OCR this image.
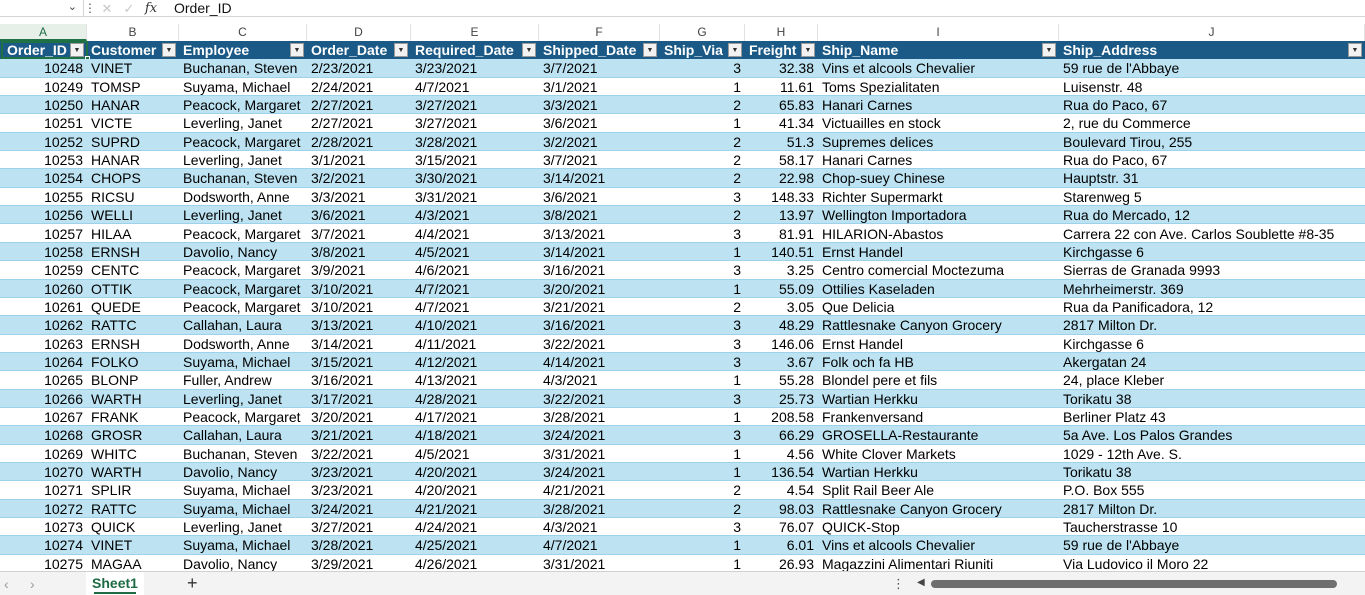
⌄ ⋮ ✕ ✓ fx	Order_ID
A	B	C	D	E	F	G	H	I	J
Order_ID ▼ Customer	▼ Employee	▼ Order_Date	▼ Required_Date	▼ Shipped_Date	▼ Ship_Via	▼ Freight	▼ Ship_Name	▼ Ship_Address	▼
10248 VINET	Buchanan, Steven 2/23/2021	3/23/2021	3/7/2021	3	32.38 Vins et alcools Chevalier	59 rue de l'Abbaye
10249 TOMSP	Suyama, Michael	2/24/2021	4/7/2021	3/1/2021	1	11.61 Toms Spezialitaten	Luisenstr. 48
10250 HANAR	Peacock, Margaret 2/27/2021	3/27/2021	3/3/2021	2	65.83 Hanari Carnes	Rua do Paco, 67
10251 VICTE	Leverling, Janet	2/27/2021	3/27/2021	3/6/2021	1	41.34 Victuailles en stock	2, rue du Commerce
10252 SUPRD	Peacock, Margaret 2/28/2021	3/28/2021	3/2/2021	2	51.3 Supremes delices	Boulevard Tirou, 255
10253 HANAR	Leverling, Janet	3/1/2021	3/15/2021	3/7/2021	2	58.17 Hanari Carnes	Rua do Paco, 67
10254 CHOPS	Buchanan, Steven 3/2/2021	3/30/2021	3/14/2021	2	22.98 Chop-suey Chinese	Hauptstr. 31
10255 RICSU	Dodsworth, Anne	3/3/2021	3/31/2021	3/6/2021	3	148.33 Richter Supermarkt	Starenweg 5
10256 WELLI	Leverling, Janet	3/6/2021	4/3/2021	3/8/2021	2	13.97 Wellington Importadora	Rua do Mercado, 12
10257 HILAA	Peacock, Margaret 3/7/2021	4/4/2021	3/13/2021	3	81.91 HILARION-Abastos	Carrera 22 con Ave. Carlos Soublette #8-35
10258 ERNSH	Davolio, Nancy	3/8/2021	4/5/2021	3/14/2021	1	140.51 Ernst Handel	Kirchgasse 6
10259 CENTC	Peacock, Margaret 3/9/2021	4/6/2021	3/16/2021	3	3.25 Centro comercial Moctezuma	Sierras de Granada 9993
10260 OTTIK	Peacock, Margaret 3/10/2021	4/7/2021	3/20/2021	1	55.09 Ottilies Kaseladen	Mehrheimerstr. 369
10261 QUEDE	Peacock, Margaret 3/10/2021	4/7/2021	3/21/2021	2	3.05 Que Delicia	Rua da Panificadora, 12
10262 RATTC	Callahan, Laura	3/13/2021	4/10/2021	3/16/2021	3	48.29 Rattlesnake Canyon Grocery	2817 Milton Dr.
10263 ERNSH	Dodsworth, Anne	3/14/2021	4/11/2021	3/22/2021	3	146.06 Ernst Handel	Kirchgasse 6
10264 FOLKO	Suyama, Michael	3/15/2021	4/12/2021	4/14/2021	3	3.67 Folk och fa HB	Akergatan 24
10265 BLONP	Fuller, Andrew	3/16/2021	4/13/2021	4/3/2021	1	55.28 Blondel pere et fils	24, place Kleber
10266 WARTH	Leverling, Janet	3/17/2021	4/28/2021	3/22/2021	3	25.73 Wartian Herkku	Torikatu 38
10267 FRANK	Peacock, Margaret 3/20/2021	4/17/2021	3/28/2021	1	208.58 Frankenversand	Berliner Platz 43
10268 GROSR	Callahan, Laura	3/21/2021	4/18/2021	3/24/2021	3	66.29 GROSELLA-Restaurante	5a Ave. Los Palos Grandes
10269 WHITC	Buchanan, Steven 3/22/2021	4/5/2021	3/31/2021	1	4.56 White Clover Markets	1029 - 12th Ave. S.
10270 WARTH	Davolio, Nancy	3/23/2021	4/20/2021	3/24/2021	1	136.54 Wartian Herkku	Torikatu 38
10271 SPLIR	Suyama, Michael	3/23/2021	4/20/2021	4/21/2021	2	4.54 Split Rail Beer Ale	P.O. Box 555
10272 RATTC	Suyama, Michael	3/24/2021	4/21/2021	3/28/2021	2	98.03 Rattlesnake Canyon Grocery	2817 Milton Dr.
10273 QUICK	Leverling, Janet	3/27/2021	4/24/2021	4/3/2021	3	76.07 QUICK-Stop	Taucherstrasse 10
10274 VINET	Suyama, Michael	3/28/2021	4/25/2021	4/7/2021	1	6.01 Vins et alcools Chevalier	59 rue de l'Abbaye
10275 MAGAA	Davolio, Nancy	3/29/2021	4/26/2021	3/31/2021	1	26.93 Magazzini Alimentari Riuniti	Via Ludovico il Moro 22
‹ ›	Sheet1	+	⋮ ◀
